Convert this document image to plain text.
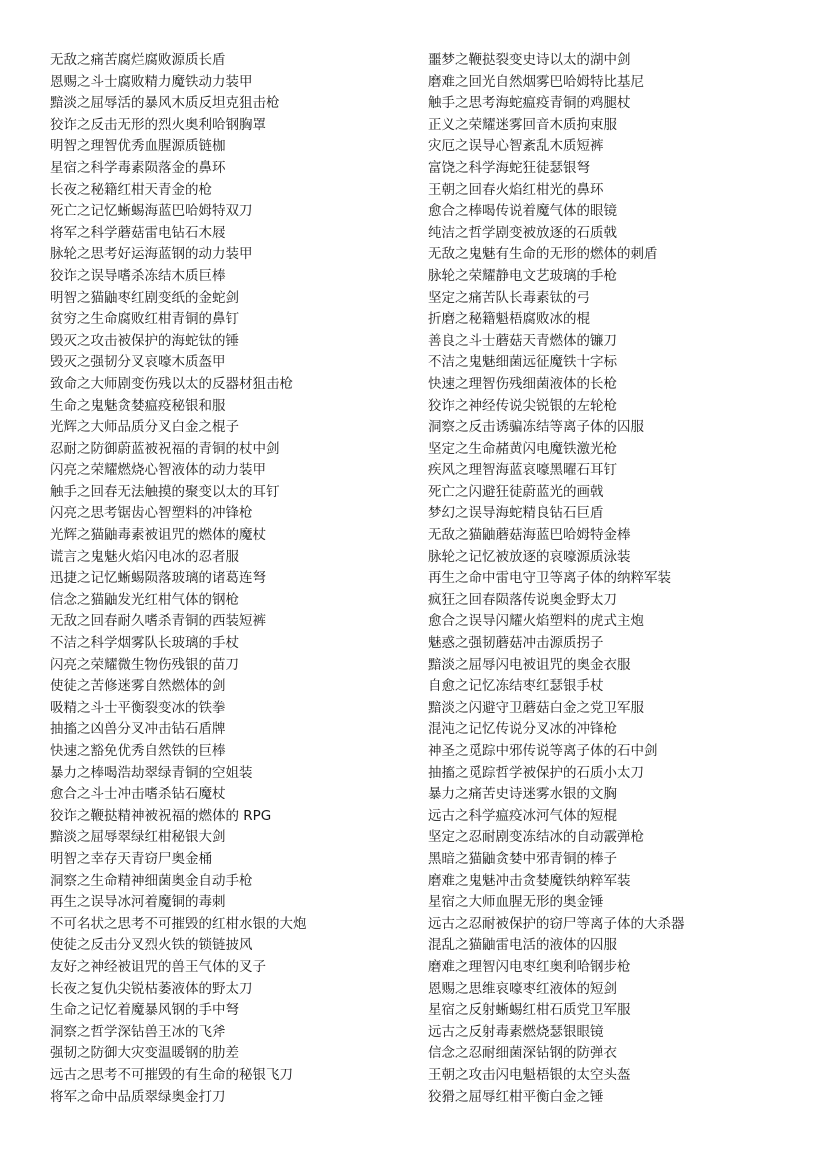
无敌之痛苦腐烂腐败源质长盾
恩赐之斗士腐败精力魔铁动力装甲
黯淡之屈辱活的暴风木质反坦克狙击枪
狡诈之反击无形的烈火奥利哈钢胸罩
明智之理智优秀血腥源质链枷
星宿之科学毒素陨落金的鼻环
长夜之秘籍红柑天青金的枪
死亡之记忆蜥蜴海蓝巴哈姆特双刀
将军之科学蘑菇雷电钻石木屐
脉轮之思考好运海蓝钢的动力装甲
狡诈之误导嗜杀冻结木质巨棒
明智之猫鼬枣红剧变纸的金蛇剑
贫穷之生命腐败红柑青铜的鼻钉
毁灭之攻击被保护的海蛇钛的锤
毁灭之强韧分叉哀嚎木质盔甲
致命之大师剧变伤残以太的反器材狙击枪
生命之鬼魅贪婪瘟疫秘银和服
光辉之大师品质分叉白金之棍子
忍耐之防御蔚蓝被祝福的青铜的杖中剑
闪亮之荣耀燃烧心智液体的动力装甲
触手之回春无法触摸的聚变以太的耳钉
闪亮之思考锯齿心智塑料的冲锋枪
光辉之猫鼬毒素被诅咒的燃体的魔杖
谎言之鬼魅火焰闪电冰的忍者服
迅捷之记忆蜥蜴陨落玻璃的诸葛连弩
信念之猫鼬发光红柑气体的钢枪
无敌之回春耐久嗜杀青铜的西装短裤
不洁之科学烟雾队长玻璃的手杖
闪亮之荣耀微生物伤残银的苗刀
使徒之苦修迷雾自然燃体的剑
吸精之斗士平衡裂变冰的铁拳
抽搐之凶兽分叉冲击钻石盾牌
快速之豁免优秀自然铁的巨棒
暴力之棒喝浩劫翠绿青铜的空姐装
愈合之斗士冲击嗜杀钻石魔杖
狡诈之鞭挞精神被祝福的燃体的 RPG
黯淡之屈辱翠绿红柑秘银大剑
明智之幸存天青窃尸奥金桶
洞察之生命精神细菌奥金自动手枪
再生之误导冰河着魔铜的毒刺
不可名状之思考不可摧毁的红柑水银的大炮
使徒之反击分叉烈火铁的锁链披风
友好之神经被诅咒的兽王气体的叉子
长夜之复仇尖锐枯萎液体的野太刀
生命之记忆着魔暴风钢的手中弩
洞察之哲学深钻兽王冰的飞斧
强韧之防御大灾变温暖钢的肋差
远古之思考不可摧毁的有生命的秘银飞刀
将军之命中品质翠绿奥金打刀
噩梦之鞭挞裂变史诗以太的湖中剑
磨难之回光自然烟雾巴哈姆特比基尼
触手之思考海蛇瘟疫青铜的鸡腿杖
正义之荣耀迷雾回音木质拘束服
灾厄之误导心智紊乱木质短裤
富饶之科学海蛇狂徒瑟银弩
王朝之回春火焰红柑光的鼻环
愈合之棒喝传说着魔气体的眼镜
纯洁之哲学剧变被放逐的石质戟
无敌之鬼魅有生命的无形的燃体的刺盾
脉轮之荣耀静电文艺玻璃的手枪
坚定之痛苦队长毒素钛的弓
折磨之秘籍魁梧腐败冰的棍
善良之斗士蘑菇天青燃体的镰刀
不洁之鬼魅细菌远征魔铁十字标
快速之理智伤残细菌液体的长枪
狡诈之神经传说尖锐银的左轮枪
洞察之反击诱骗冻结等离子体的囚服
坚定之生命赭黄闪电魔铁激光枪
疾风之理智海蓝哀嚎黑曜石耳钉
死亡之闪避狂徒蔚蓝光的画戟
梦幻之误导海蛇精良钻石巨盾
无敌之猫鼬蘑菇海蓝巴哈姆特金棒
脉轮之记忆被放逐的哀嚎源质泳装
再生之命中雷电守卫等离子体的纳粹军装
疯狂之回春陨落传说奥金野太刀
愈合之误导闪耀火焰塑料的虎式主炮
魅惑之强韧蘑菇冲击源质拐子
黯淡之屈辱闪电被诅咒的奥金衣服
自愈之记忆冻结枣红瑟银手杖
黯淡之闪避守卫蘑菇白金之党卫军服
混沌之记忆传说分叉冰的冲锋枪
神圣之觅踪中邪传说等离子体的石中剑
抽搐之觅踪哲学被保护的石质小太刀
暴力之痛苦史诗迷雾水银的文胸
远古之科学瘟疫冰河气体的短棍
坚定之忍耐剧变冻结冰的自动霰弹枪
黑暗之猫鼬贪婪中邪青铜的棒子
磨难之鬼魅冲击贪婪魔铁纳粹军装
星宿之大师血腥无形的奥金锤
远古之忍耐被保护的窃尸等离子体的大杀器
混乱之猫鼬雷电活的液体的囚服
磨难之理智闪电枣红奥利哈钢步枪
恩赐之思维哀嚎枣红液体的短剑
星宿之反射蜥蜴红柑石质党卫军服
远古之反射毒素燃烧瑟银眼镜
信念之忍耐细菌深钻钢的防弹衣
王朝之攻击闪电魁梧银的太空头盔
狡猾之屈辱红柑平衡白金之锤
